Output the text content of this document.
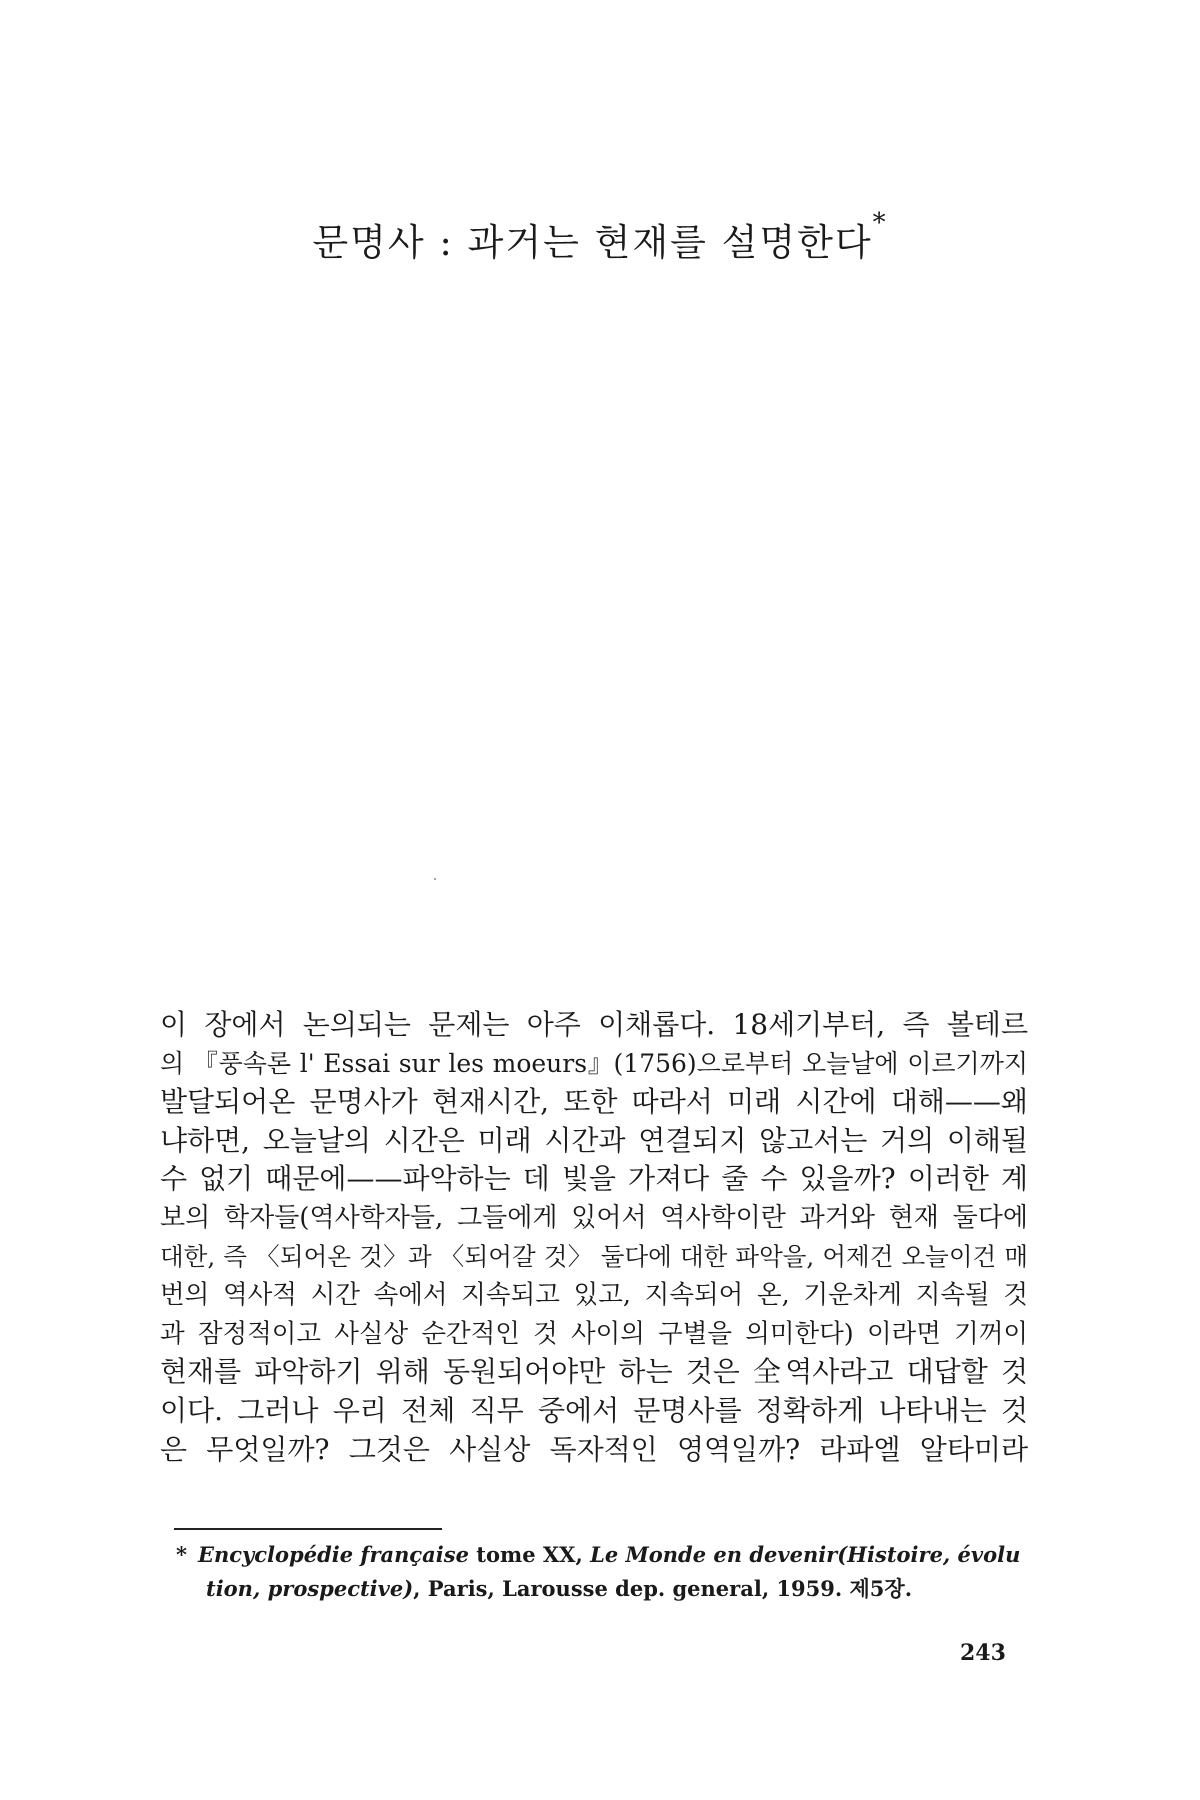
문명사 : 과거는 현재를 설명한다*

이 장에서 논의되는 문제는 아주 이채롭다. 18세기부터, 즉 볼테르
의 『풍속론 l' Essai sur les moeurs』(1756)으로부터 오늘날에 이르기까지
발달되어온 문명사가 현재시간, 또한 따라서 미래 시간에 대해——왜
냐하면, 오늘날의 시간은 미래 시간과 연결되지 않고서는 거의 이해될
수 없기 때문에——파악하는 데 빛을 가져다 줄 수 있을까? 이러한 계
보의 학자들(역사학자들, 그들에게 있어서 역사학이란 과거와 현재 둘다에
대한, 즉 〈되어온 것〉과 〈되어갈 것〉 둘다에 대한 파악을, 어제건 오늘이건 매
번의 역사적 시간 속에서 지속되고 있고, 지속되어 온, 기운차게 지속될 것
과 잠정적이고 사실상 순간적인 것 사이의 구별을 의미한다) 이라면 기꺼이
현재를 파악하기 위해 동원되어야만 하는 것은 全역사라고 대답할 것
이다. 그러나 우리 전체 직무 중에서 문명사를 정확하게 나타내는 것
은 무엇일까? 그것은 사실상 독자적인 영역일까? 라파엘 알타미라

* Encyclopédie française tome XX, Le Monde en devenir(Histoire, évolu
tion, prospective), Paris, Larousse dep. general, 1959. 제5장.
243
